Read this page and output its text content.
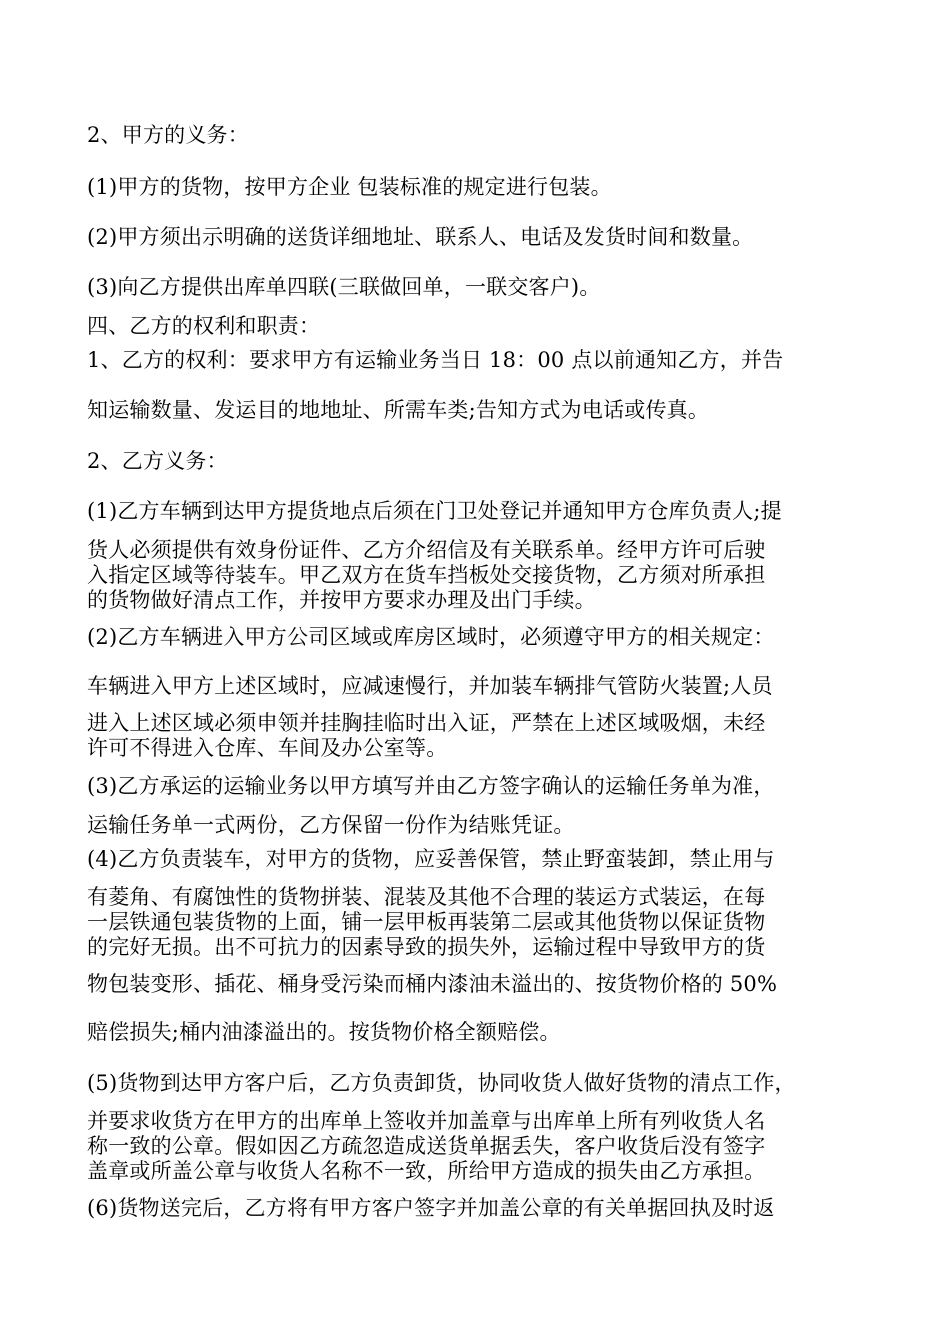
2、甲方的义务：
(1)甲方的货物，按甲方企业 包装标准的规定进行包装。
(2)甲方须出示明确的送货详细地址、联系人、电话及发货时间和数量。
(3)向乙方提供出库单四联(三联做回单，一联交客户)。
四、乙方的权利和职责：
1、乙方的权利：要求甲方有运输业务当日 18：00 点以前通知乙方，并告
知运输数量、发运目的地地址、所需车类;告知方式为电话或传真。
2、乙方义务：
(1)乙方车辆到达甲方提货地点后须在门卫处登记并通知甲方仓库负责人;提
货人必须提供有效身份证件、乙方介绍信及有关联系单。经甲方许可后驶
入指定区域等待装车。甲乙双方在货车挡板处交接货物，乙方须对所承担
的货物做好清点工作，并按甲方要求办理及出门手续。
(2)乙方车辆进入甲方公司区域或库房区域时，必须遵守甲方的相关规定：
车辆进入甲方上述区域时，应减速慢行，并加装车辆排气管防火装置;人员
进入上述区域必须申领并挂胸挂临时出入证，严禁在上述区域吸烟，未经
许可不得进入仓库、车间及办公室等。
(3)乙方承运的运输业务以甲方填写并由乙方签字确认的运输任务单为准，
运输任务单一式两份，乙方保留一份作为结账凭证。
(4)乙方负责装车，对甲方的货物，应妥善保管，禁止野蛮装卸，禁止用与
有菱角、有腐蚀性的货物拼装、混装及其他不合理的装运方式装运，在每
一层铁通包装货物的上面，铺一层甲板再装第二层或其他货物以保证货物
的完好无损。出不可抗力的因素导致的损失外，运输过程中导致甲方的货
物包装变形、插花、桶身受污染而桶内漆油未溢出的、按货物价格的 50%
赔偿损失;桶内油漆溢出的。按货物价格全额赔偿。
(5)货物到达甲方客户后，乙方负责卸货，协同收货人做好货物的清点工作，
并要求收货方在甲方的出库单上签收并加盖章与出库单上所有列收货人名
称一致的公章。假如因乙方疏忽造成送货单据丢失，客户收货后没有签字
盖章或所盖公章与收货人名称不一致，所给甲方造成的损失由乙方承担。
(6)货物送完后，乙方将有甲方客户签字并加盖公章的有关单据回执及时返
